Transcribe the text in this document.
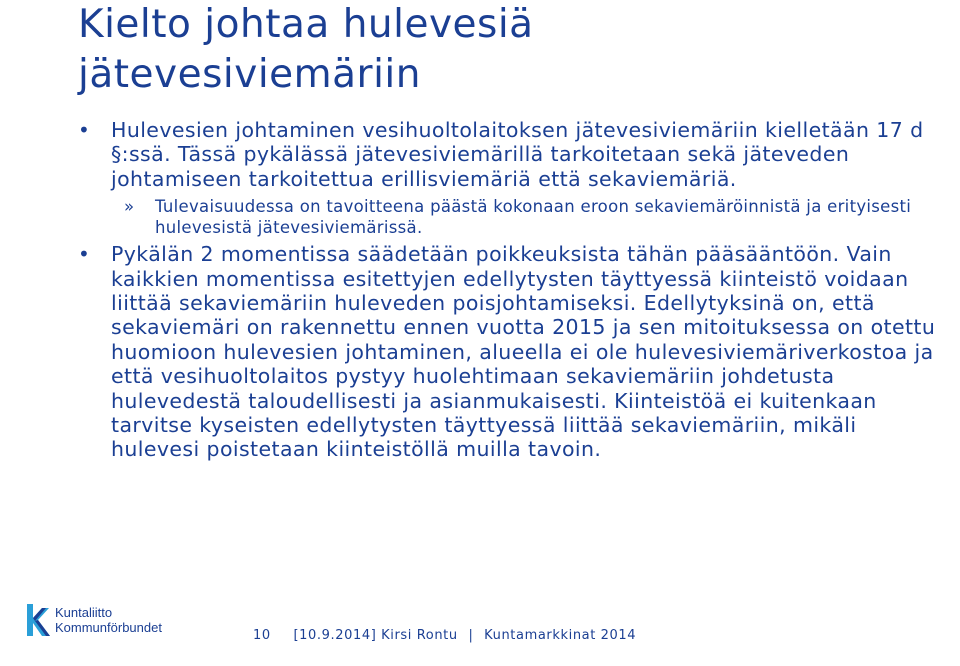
Kielto johtaa hulevesiä
jätevesiviemäriin

• Hulevesien johtaminen vesihuoltolaitoksen jätevesiviemäriin kielletään 17 d §:ssä. Tässä pykälässä jätevesiviemärillä tarkoitetaan sekä jäteveden johtamiseen tarkoitettua erillisviemäriä että sekaviemäriä.

» Tulevaisuudessa on tavoitteena päästä kokonaan eroon sekaviemäröinnistä ja erityisesti hulevesistä jätevesiviemärissä.

• Pykälän 2 momentissa säädetään poikkeuksista tähän pääsääntöön. Vain kaikkien momentissa esitettyjen edellytysten täyttyessä kiinteistö voidaan liittää sekaviemäriin huleveden poisjohtamiseksi. Edellytyksinä on, että sekaviemäri on rakennettu ennen vuotta 2015 ja sen mitoituksessa on otettu huomioon hulevesien johtaminen, alueella ei ole hulevesiviemäriverkostoa ja että vesihuoltolaitos pystyy huolehtimaan sekaviemäriin johdetusta hulevedestä taloudellisesti ja asianmukaisesti. Kiinteistöä ei kuitenkaan tarvitse kyseisten edellytysten täyttyessä liittää sekaviemäriin, mikäli hulevesi poistetaan kiinteistöllä muilla tavoin.

Kuntaliitto
Kommunförbundet
10 [10.9.2014] Kirsi Rontu | Kuntamarkkinat 2014
